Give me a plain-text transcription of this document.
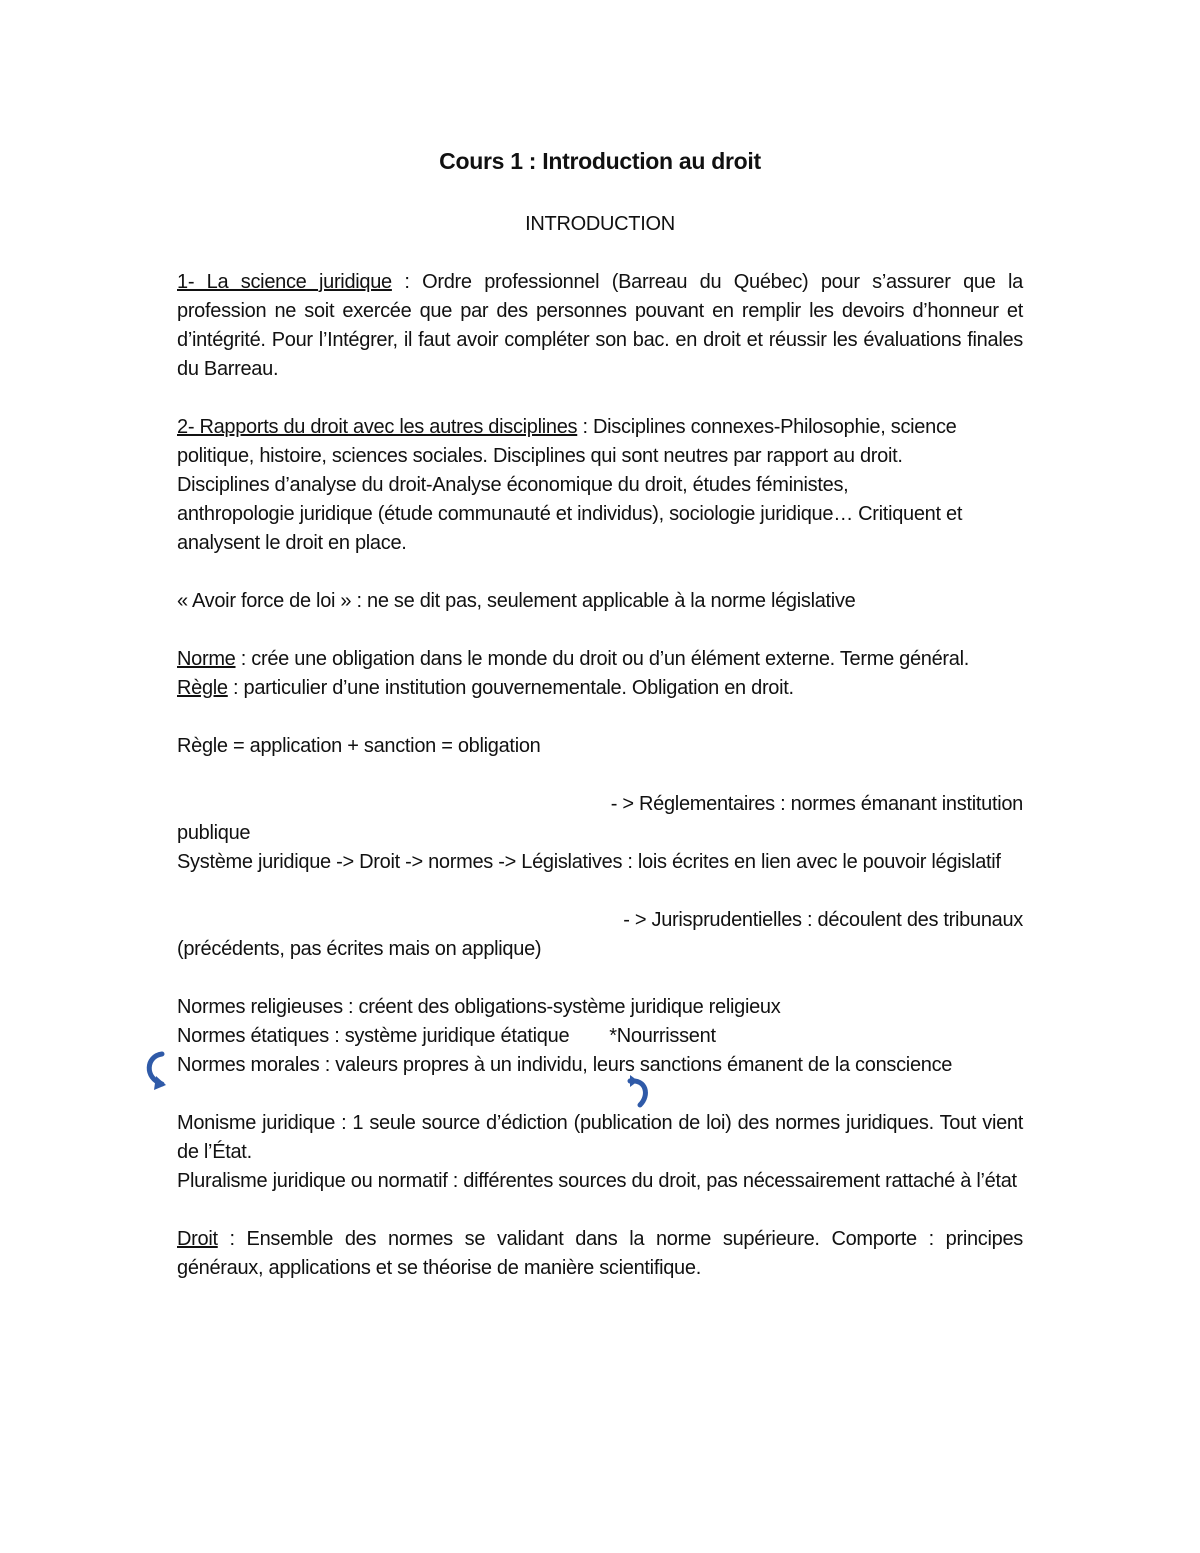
Cours 1 : Introduction au droit
INTRODUCTION

1- La science juridique : Ordre professionnel (Barreau du Québec) pour s’assurer que la profession ne soit exercée que par des personnes pouvant en remplir les devoirs d’honneur et d’intégrité. Pour l’Intégrer, il faut avoir compléter son bac. en droit et réussir les évaluations finales du Barreau.

2- Rapports du droit avec les autres disciplines : Disciplines connexes-Philosophie, science politique, histoire, sciences sociales. Disciplines qui sont neutres par rapport au droit. Disciplines d’analyse du droit-Analyse économique du droit, études féministes, anthropologie juridique (étude communauté et individus), sociologie juridique… Critiquent et analysent le droit en place.

« Avoir force de loi » : ne se dit pas, seulement applicable à la norme législative

Norme : crée une obligation dans le monde du droit ou d’un élément externe. Terme général.

Règle : particulier d’une institution gouvernementale. Obligation en droit.

Règle = application + sanction = obligation

- > Réglementaires : normes émanant institution

publique

Système juridique -> Droit -> normes -> Législatives : lois écrites en lien avec le pouvoir législatif

- > Jurisprudentielles : découlent des tribunaux

(précédents, pas écrites mais on applique)

Normes religieuses : créent des obligations-système juridique religieux

Normes étatiques : système juridique étatique *Nourrissent

Normes morales : valeurs propres à un individu, leurs sanctions émanent de la conscience

Monisme juridique : 1 seule source d’édiction (publication de loi) des normes juridiques. Tout vient de l’État.

Pluralisme juridique ou normatif : différentes sources du droit, pas nécessairement rattaché à l’état

Droit : Ensemble des normes se validant dans la norme supérieure. Comporte : principes généraux, applications et se théorise de manière scientifique.
